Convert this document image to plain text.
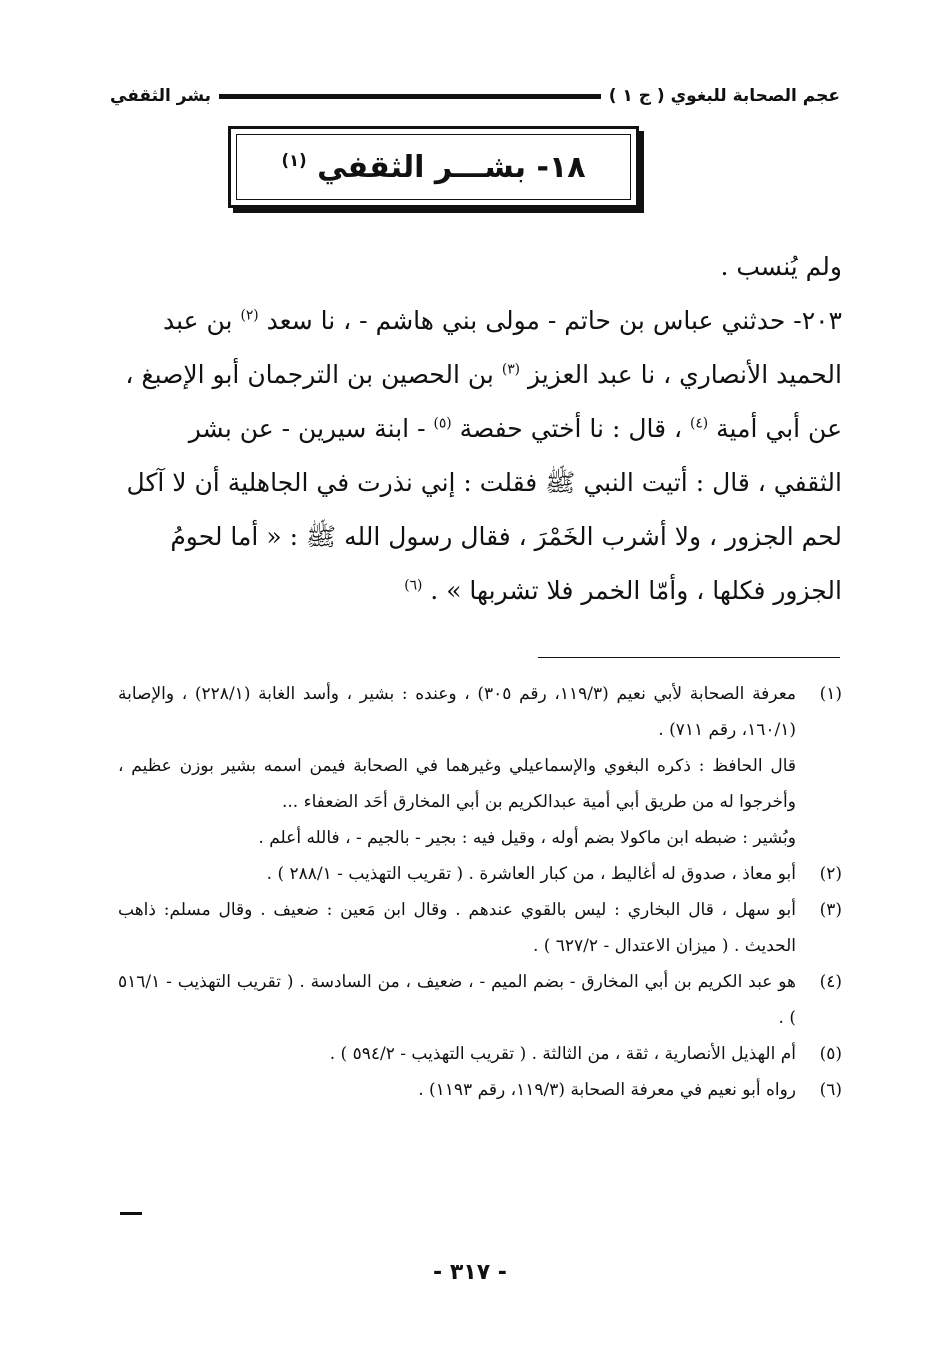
عجم الصحابة للبغوي ( ج ١ )
بشر الثقفي
١٨- بشـــر الثقفي $^{(١)}$

ولم يُنسب .

٢٠٣- حدثني عباس بن حاتم - مولى بني هاشم - ، نا سعد $^{(٢)}$ بن عبد الحميد الأنصاري ، نا عبد العزيز $^{(٣)}$ بن الحصين بن الترجمان أبو الإصبغ ، عن أبي أمية $^{(٤)}$ ، قال : نا أختي حفصة $^{(٥)}$ - ابنة سيرين - عن بشر الثقفي ، قال : أتيت النبي ﷺ فقلت : إني نذرت في الجاهلية أن لا آكل لحم الجزور ، ولا أشرب الخَمْرَ ، فقال رسول الله ﷺ : « أما لحومُ الجزور فكلها ، وأمّا الخمر فلا تشربها » . $^{(٦)}$

(١)

معرفة الصحابة لأبي نعيم (١١٩/٣، رقم ٣٠٥) ، وعنده : بشير ، وأسد الغابة (٢٢٨/١) ، والإصابة (١٦٠/١، رقم ٧١١) .

قال الحافظ : ذكره البغوي والإسماعيلي وغيرهما في الصحابة فيمن اسمه بشير بوزن عظيم ، وأخرجوا له من طريق أبي أمية عبدالكريم بن أبي المخارق أحَد الضعفاء ...

وبُشير : ضبطه ابن ماكولا بضم أوله ، وقيل فيه : بجير - بالجيم - ، فالله أعلم .

(٢)
أبو معاذ ، صدوق له أغاليط ، من كبار العاشرة . ( تقريب التهذيب - ٢٨٨/١ ) .
(٣)
أبو سهل ، قال البخاري : ليس بالقوي عندهم . وقال ابن مَعين : ضعيف . وقال مسلم: ذاهب الحديث . ( ميزان الاعتدال - ٦٢٧/٢ ) .
(٤)
هو عبد الكريم بن أبي المخارق - بضم الميم - ، ضعيف ، من السادسة . ( تقريب التهذيب - ٥١٦/١ ) .
(٥)
أم الهذيل الأنصارية ، ثقة ، من الثالثة . ( تقريب التهذيب - ٥٩٤/٢ ) .
(٦)
رواه أبو نعيم في معرفة الصحابة (١١٩/٣، رقم ١١٩٣) .
- ٣١٧ -
